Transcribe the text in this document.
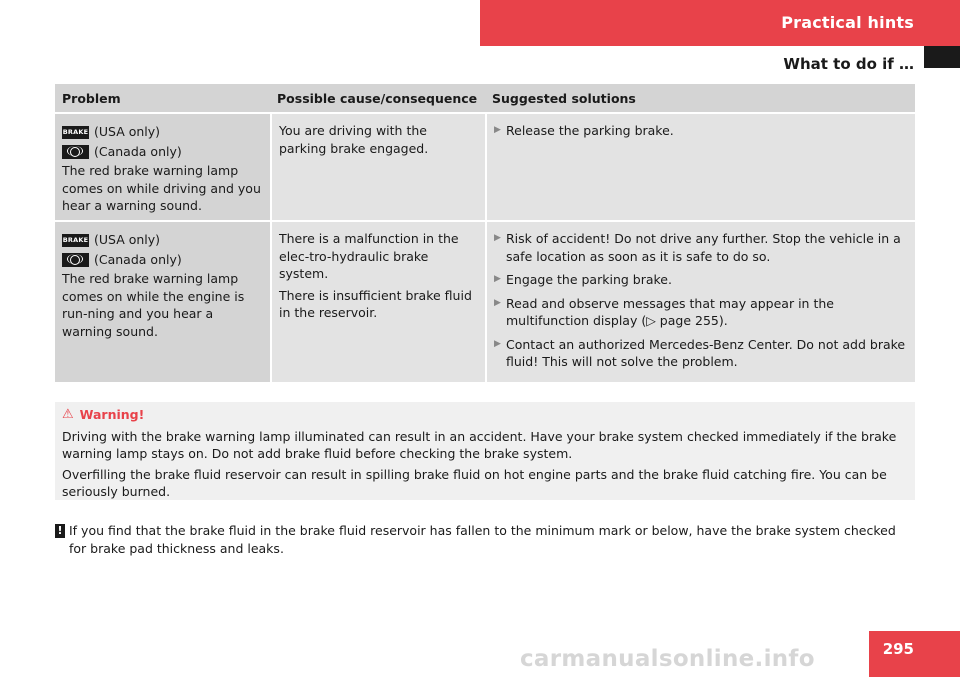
Practical hints
What to do if …
Problem	Possible cause/consequence	Suggested solutions
BRAKE (USA only)
(Canada only)

The red brake warning lamp comes on while driving and you hear a warning sound.

You are driving with the parking brake engaged.

▶ Release the parking brake.
BRAKE (USA only)
(Canada only)

The red brake warning lamp comes on while the engine is run-ning and you hear a warning sound.

There is a malfunction in the elec-tro-hydraulic brake system.

There is insufficient brake fluid in the reservoir.

▶ Risk of accident! Do not drive any further. Stop the vehicle in a safe location as soon as it is safe to do so.
▶ Engage the parking brake.
▶ Read and observe messages that may appear in the multifunction display (▷ page 255).
▶ Contact an authorized Mercedes-Benz Center. Do not add brake fluid! This will not solve the problem.
⚠ Warning!

Driving with the brake warning lamp illuminated can result in an accident. Have your brake system checked immediately if the brake warning lamp stays on. Do not add brake fluid before checking the brake system.

Overfilling the brake fluid reservoir can result in spilling brake fluid on hot engine parts and the brake fluid catching fire. You can be seriously burned.

! If you find that the brake fluid in the brake fluid reservoir has fallen to the minimum mark or below, have the brake system checked for brake pad thickness and leaks.
295
carmanualsonline.info
